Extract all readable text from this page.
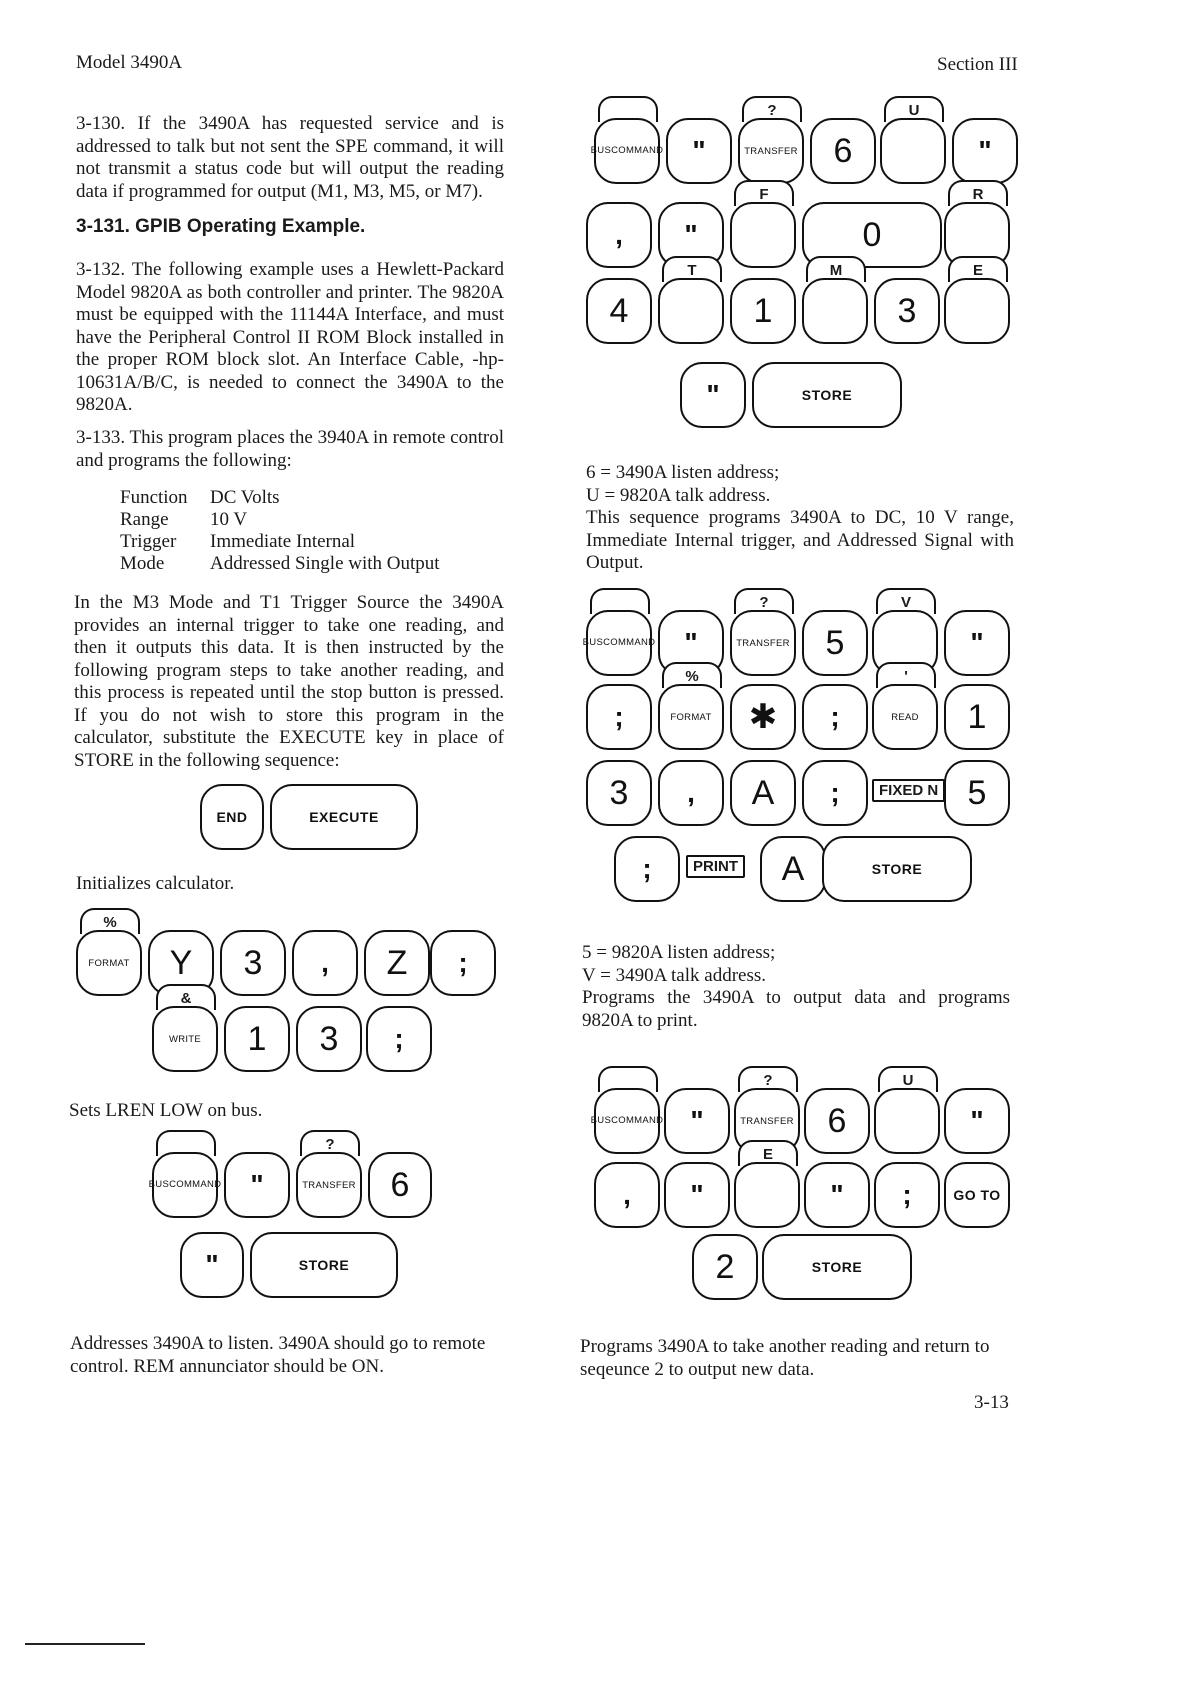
Model 3490A	Section III
3-130. If the 3490A has requested service and is addressed to talk but not sent the SPE command, it will not transmit a status code but will output the reading data if programmed for output (M1, M3, M5, or M7).
3-131. GPIB Operating Example.
3-132. The following example uses a Hewlett-Packard Model 9820A as both controller and printer. The 9820A must be equipped with the 11144A Interface, and must have the Peripheral Control II ROM Block installed in the proper ROM block slot. An Interface Cable, -hp- 10631A/B/C, is needed to connect the 3490A to the 9820A.
3-133. This program places the 3940A in remote control and programs the following:
Function	DC Volts
Range	10 V
Trigger	Immediate Internal
Mode	Addressed Single with Output
In the M3 Mode and T1 Trigger Source the 3490A provides an internal trigger to take one reading, and then it outputs this data. It is then instructed by the following program steps to take another reading, and this process is repeated until the stop button is pressed. If you do not wish to store this program in the calculator, substitute the EXECUTE key in place of STORE in the following sequence:
END	EXECUTE
Initializes calculator.
%
FORMAT	Y	3	,	Z	;
&
WRITE	1	3	;
Sets LREN LOW on bus.
BUS COMMAND	"
?
TRANSFER	6
"	STORE
Addresses 3490A to listen. 3490A should go to remote control. REM annunciator should be ON.
BUS COMMAND	"
?
TRANSFER	6
U
"
,	"
F
0
R
4
T
1
M
3
E
"	STORE
6 = 3490A listen address;
U = 9820A talk address.
This sequence programs 3490A to DC, 10 V range, Immediate Internal trigger, and Addressed Signal with Output.
BUS COMMAND	"
?
TRANSFER	5
V
"
;
%
FORMAT	✱	;
'
READ	1
3	,	A	;	FIXED N 5
;	PRINT	A	STORE
5 = 9820A listen address;
V = 3490A talk address.
Programs the 3490A to output data and programs 9820A to print.
BUS COMMAND "
?
TRANSFER 6
U
"
,	"
E
"	;	GO TO
2	STORE
Programs 3490A to take another reading and return to seqeunce 2 to output new data.
3-13
